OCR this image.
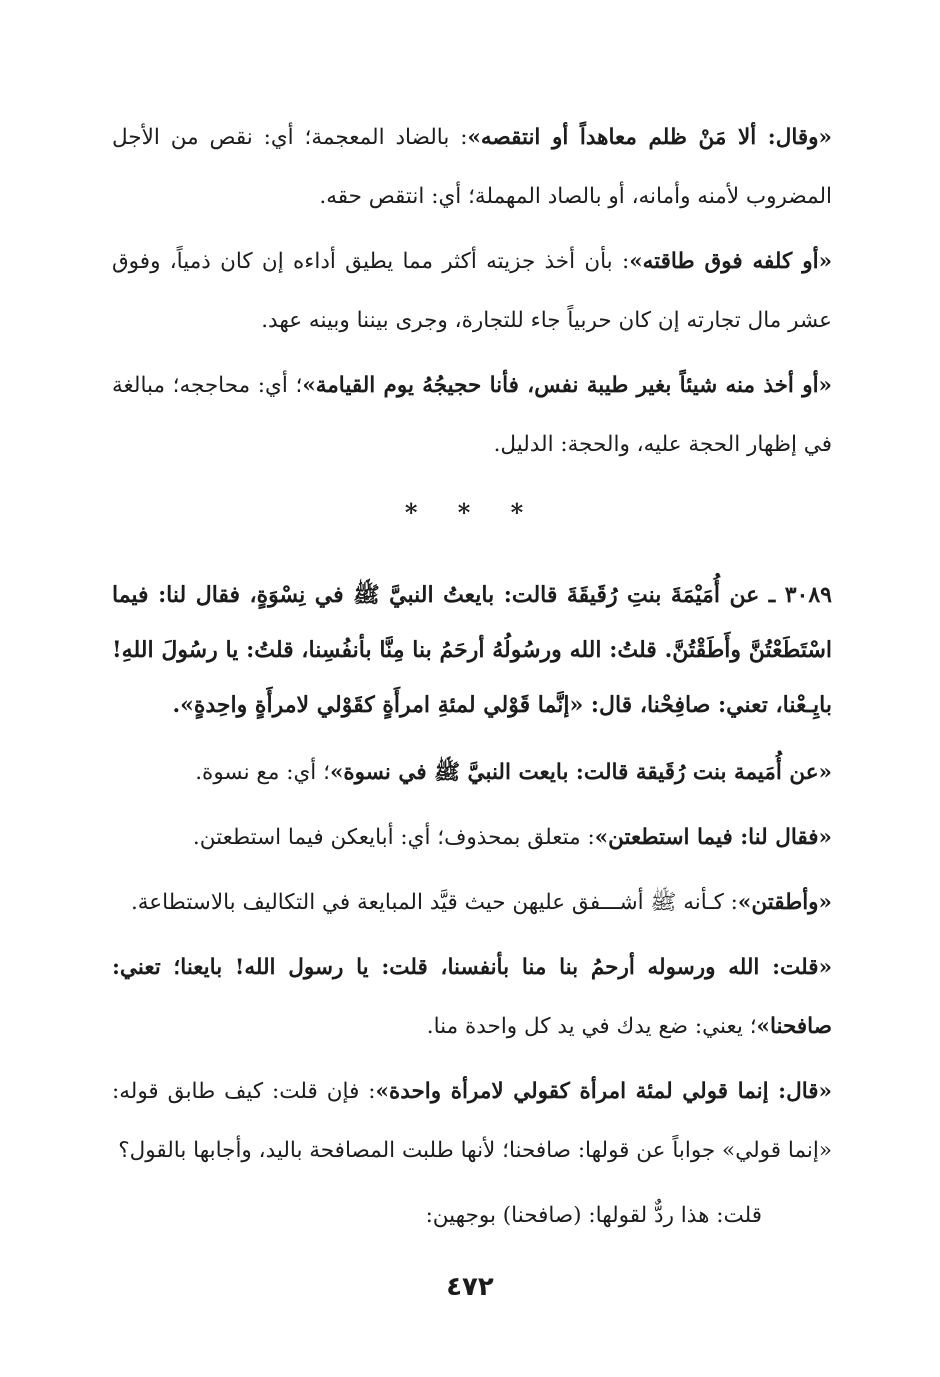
«وقال: ألا مَنْ ظلم معاهداً أو انتقصه»: بالضاد المعجمة؛ أي: نقص من الأجل المضروب لأمنه وأمانه، أو بالصاد المهملة؛ أي: انتقص حقه.

«أو كلفه فوق طاقته»: بأن أخذ جزيته أكثر مما يطيق أداءه إن كان ذمياً، وفوق عشر مال تجارته إن كان حربياً جاء للتجارة، وجرى بيننا وبينه عهد.

«أو أخذ منه شيئاً بغير طيبة نفس، فأنا حجيجُهُ يوم القيامة»؛ أي: محاججه؛ مبالغة في إظهار الحجة عليه، والحجة: الدليل.

* * *

٣٠٨٩ ـ عن أُمَيْمَةَ بنتِ رُقَيقَةَ قالت: بايعتُ النبيَّ ﷺ في نِسْوَةٍ، فقال لنا: فيما اسْتَطَعْتُنَّ وأَطَقْتُنَّ. قلتُ: الله ورسُولُهُ أرحَمُ بنا مِنَّا بأنفُسِنا، قلتُ: يا رسُولَ اللهِ! بايِـعْنا، تعني: صافِحْنا، قال: «إنَّما قَوْلي لمئةِ امرأَةٍ كقَوْلي لامرأَةٍ واحِدةٍ».

«عن أُمَيمة بنت رُقَيقة قالت: بايعت النبيَّ ﷺ في نسوة»؛ أي: مع نسوة.

«فقال لنا: فيما استطعتن»: متعلق بمحذوف؛ أي: أبايعكن فيما استطعتن.

«وأطقتن»: كـأنه ﷺ أشـــفق عليهن حيث قيَّد المبايعة في التكاليف بالاستطاعة.

«قلت: الله ورسوله أرحمُ بنا منا بأنفسنا، قلت: يا رسول الله! بايعنا؛ تعني: صافحنا»؛ يعني: ضع يدك في يد كل واحدة منا.

«قال: إنما قولي لمئة امرأة كقولي لامرأة واحدة»: فإن قلت: كيف طابق قوله: «إنما قولي» جواباً عن قولها: صافحنا؛ لأنها طلبت المصافحة باليد، وأجابها بالقول؟

قلت: هذا ردٌّ لقولها: (صافحنا) بوجهين:

٤٧٢
